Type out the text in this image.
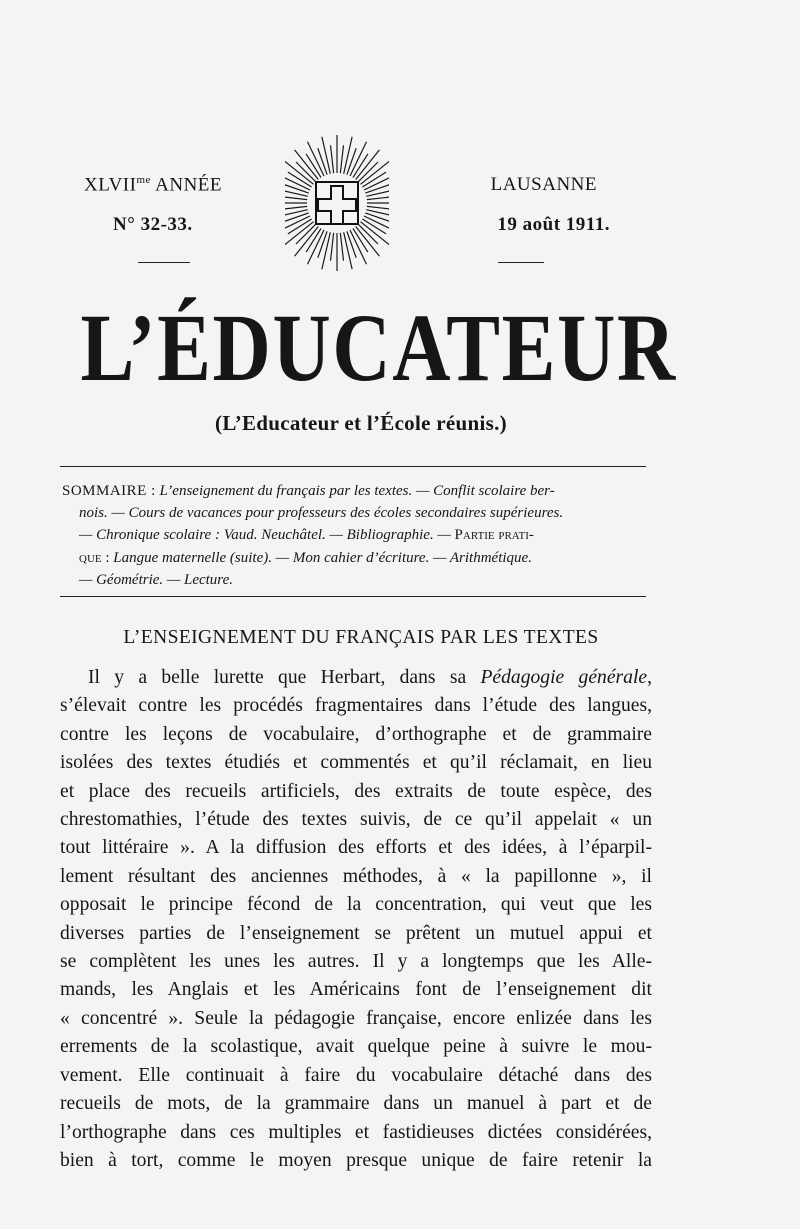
$XLVII^{me}$ ANNÉE	LAUSANNE
N° 32-33.	19 août 1911.
L’ÉDUCATEUR
(L’Educateur et l’École réunis.)
SOMMAIRE : L’enseignement du français par les textes. — Conflit scolaire ber-
nois. — Cours de vacances pour professeurs des écoles secondaires supérieures.
— Chronique scolaire : Vaud. Neuchâtel. — Bibliographie. — Partie prati-
que : Langue maternelle (suite). — Mon cahier d’écriture. — Arithmétique.
— Géométrie. — Lecture.
L’ENSEIGNEMENT DU FRANÇAIS PAR LES TEXTES
Il y a belle lurette que Herbart, dans sa Pédagogie générale,
s’élevait contre les procédés fragmentaires dans l’étude des langues,
contre les leçons de vocabulaire, d’orthographe et de grammaire
isolées des textes étudiés et commentés et qu’il réclamait, en lieu
et place des recueils artificiels, des extraits de toute espèce, des
chrestomathies, l’étude des textes suivis, de ce qu’il appelait « un
tout littéraire ». A la diffusion des efforts et des idées, à l’éparpil-
lement résultant des anciennes méthodes, à « la papillonne », il
opposait le principe fécond de la concentration, qui veut que les
diverses parties de l’enseignement se prêtent un mutuel appui et
se complètent les unes les autres. Il y a longtemps que les Alle-
mands, les Anglais et les Américains font de l’enseignement dit
« concentré ». Seule la pédagogie française, encore enlizée dans les
errements de la scolastique, avait quelque peine à suivre le mou-
vement. Elle continuait à faire du vocabulaire détaché dans des
recueils de mots, de la grammaire dans un manuel à part et de
l’orthographe dans ces multiples et fastidieuses dictées considérées,
bien à tort, comme le moyen presque unique de faire retenir la
